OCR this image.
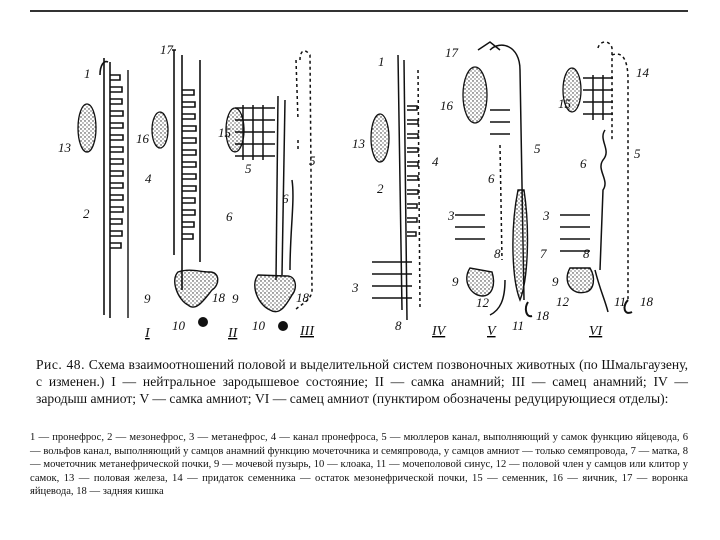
1
2
4
13
17
16
6
9
10
18
15
5
6
5
9
10
18
1
13
4
2
3
8
17
16
5
6
3
8	7
9
12
11
18
14
15
6
5
3
8
9
12	11 18
I	II	III	IV	V	VI
Рис. 48. Схема взаимоотношений половой и выделительной систем позвоночных животных (по Шмальгаузену, с изменен.) I — нейтральное зародышевое состояние; II — самка анамний; III — самец анамний; IV — зародыш амниот; V — самка амниот; VI — самец амниот (пунктиром обозначены редуцирующиеся отделы):
1 — пронефрос, 2 — мезонефрос, 3 — метанефрос, 4 — канал пронефроса, 5 — мюллеров канал, выполняющий у самок функцию яйцевода, 6 — вольфов канал, выполняющий у самцов анамний функцию мочеточника и семяпровода, у самцов амниот — только семяпровода, 7 — матка, 8 — мочеточник метанефрической почки, 9 — мочевой пузырь, 10 — клоака, 11 — мочеполовой синус, 12 — половой член у самцов или клитор у самок, 13 — половая железа, 14 — придаток семенника — остаток мезонефрической почки, 15 — семенник, 16 — яичник, 17 — воронка яйцевода, 18 — задняя кишка
